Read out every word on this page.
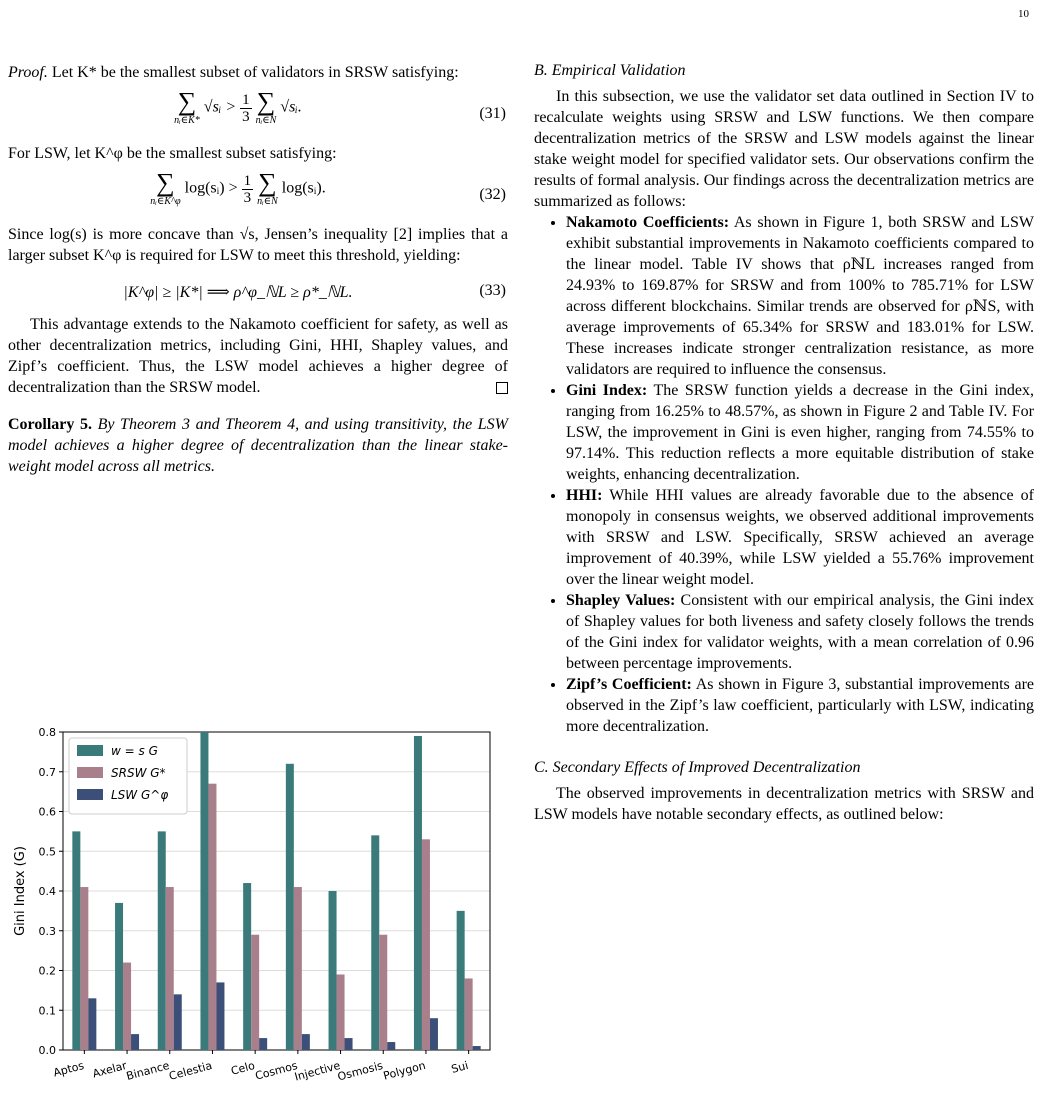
10

Proof. Let K* be the smallest subset of validators in SRSW satisfying:

∑
nᵢ∈K*
√sᵢ > $\frac{1}{3}$
∑
nᵢ∈N
√sᵢ.	(31)

For LSW, let K^φ be the smallest subset satisfying:

∑
nᵢ∈K^φ
log(sᵢ) > $\frac{1}{3}$
∑
nᵢ∈N
log(sᵢ).	(32)

Since log(s) is more concave than √s, Jensen’s inequality [2] implies that a larger subset K^φ is required for LSW to meet this threshold, yielding:

|K^φ| ≥ |K*| ⟹ ρ^φ_ℕL ≥ ρ*_ℕL.	(33)

This advantage extends to the Nakamoto coefficient for safety, as well as other decentralization metrics, including Gini, HHI, Shapley values, and Zipf’s coefficient. Thus, the LSW model achieves a higher degree of decentralization than the SRSW model.

Corollary 5. By Theorem 3 and Theorem 4, and using transitivity, the LSW model achieves a higher degree of decentralization than the linear stake-weight model across all metrics.

0.0
0.1
0.2
0.3
0.4
0.5
0.6
0.7
0.8
Gini Index (G)
Aptos Axelar
Binance
Celestia Celo
Cosmos
Injective
Osmosis
Polygon Sui
w = s G
SRSW G*
LSW G^φ
B. Empirical Validation

In this subsection, we use the validator set data outlined in Section IV to recalculate weights using SRSW and LSW functions. We then compare decentralization metrics of the SRSW and LSW models against the linear stake weight model for specified validator sets. Our observations confirm the results of formal analysis. Our findings across the decentralization metrics are summarized as follows:

• Nakamoto Coefficients: As shown in Figure 1, both SRSW and LSW exhibit substantial improvements in Nakamoto coefficients compared to the linear model. Table IV shows that ρℕL increases ranged from 24.93% to 169.87% for SRSW and from 100% to 785.71% for LSW across different blockchains. Similar trends are observed for ρℕS, with average improvements of 65.34% for SRSW and 183.01% for LSW. These increases indicate stronger centralization resistance, as more validators are required to influence the consensus.
• Gini Index: The SRSW function yields a decrease in the Gini index, ranging from 16.25% to 48.57%, as shown in Figure 2 and Table IV. For LSW, the improvement in Gini is even higher, ranging from 74.55% to 97.14%. This reduction reflects a more equitable distribution of stake weights, enhancing decentralization.
• HHI: While HHI values are already favorable due to the absence of monopoly in consensus weights, we observed additional improvements with SRSW and LSW. Specifically, SRSW achieved an average improvement of 40.39%, while LSW yielded a 55.76% improvement over the linear weight model.
• Shapley Values: Consistent with our empirical analysis, the Gini index of Shapley values for both liveness and safety closely follows the trends of the Gini index for validator weights, with a mean correlation of 0.96 between percentage improvements.
• Zipf’s Coefficient: As shown in Figure 3, substantial improvements are observed in the Zipf’s law coefficient, particularly with LSW, indicating more decentralization.
C. Secondary Effects of Improved Decentralization

The observed improvements in decentralization metrics with SRSW and LSW models have notable secondary effects, as outlined below:
